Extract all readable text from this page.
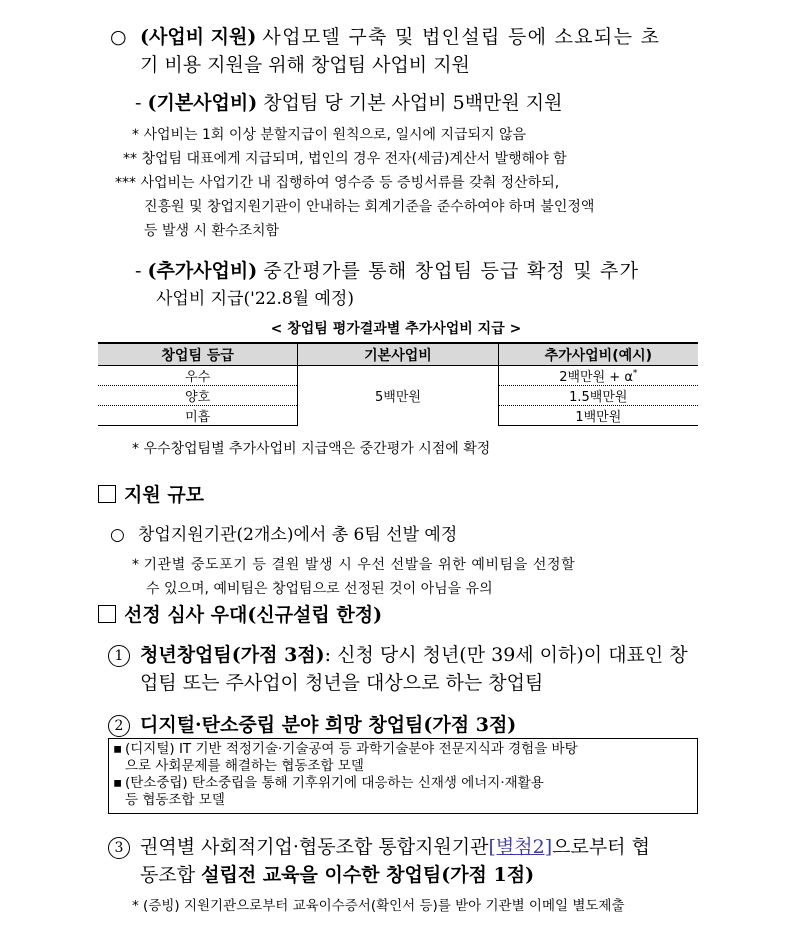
○ (사업비 지원) 사업모델 구축 및 법인설립 등에 소요되는 초
기 비용 지원을 위해 창업팀 사업비 지원
- (기본사업비) 창업팀 당 기본 사업비 5백만원 지원
* 사업비는 1회 이상 분할지급이 원칙으로, 일시에 지급되지 않음
** 창업팀 대표에게 지급되며, 법인의 경우 전자(세금)계산서 발행해야 함
*** 사업비는 사업기간 내 집행하여 영수증 등 증빙서류를 갖춰 정산하되,
진흥원 및 창업지원기관이 안내하는 회계기준을 준수하여야 하며 불인정액
등 발생 시 환수조치함
- (추가사업비) 중간평가를 통해 창업팀 등급 확정 및 추가
사업비 지급('22.8월 예정)
< 창업팀 평가결과별 추가사업비 지급 >
창업팀 등급	기본사업비	추가사업비(예시)
우수	5백만원	2백만원 + α*
양호		1.5백만원
미흡		1백만원
* 우수창업팀별 추가사업비 지급액은 중간평가 시점에 확정
지원 규모
○ 창업지원기관(2개소)에서 총 6팀 선발 예정
* 기관별 중도포기 등 결원 발생 시 우선 선발을 위한 예비팀을 선정할
수 있으며, 예비팀은 창업팀으로 선정된 것이 아님을 유의
선정 심사 우대(신규설립 한정)
1 청년창업팀(가점 3점): 신청 당시 청년(만 39세 이하)이 대표인 창
업팀 또는 주사업이 청년을 대상으로 하는 창업팀
2 디지털·탄소중립 분야 희망 창업팀(가점 3점)
▪ (디지털) IT 기반 적정기술·기술공여 등 과학기술분야 전문지식과 경험을 바탕
으로 사회문제를 해결하는 협동조합 모델
▪ (탄소중립) 탄소중립을 통해 기후위기에 대응하는 신재생 에너지·재활용
등 협동조합 모델
3 권역별 사회적기업·협동조합 통합지원기관[별첨2]으로부터 협
동조합 설립전 교육을 이수한 창업팀(가점 1점)
* (증빙) 지원기관으로부터 교육이수증서(확인서 등)를 받아 기관별 이메일 별도제출
